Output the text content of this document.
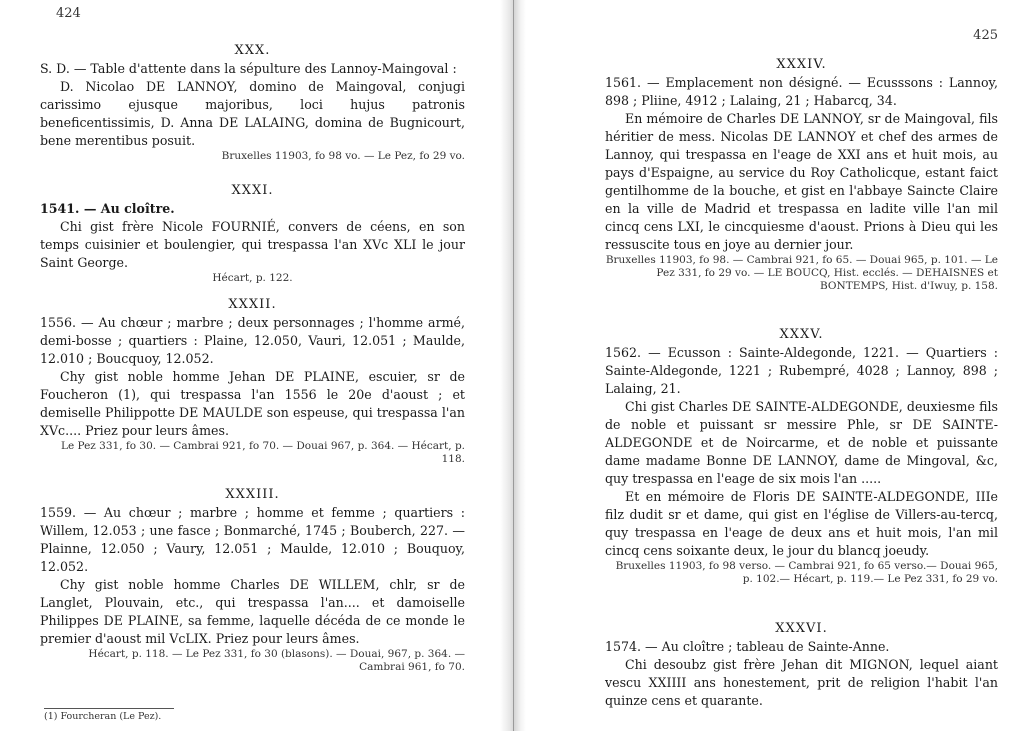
424

XXX.

S. D. — Table d'attente dans la sépulture des Lannoy-Maingoval :

D. Nicolao DE LANNOY, domino de Maingoval, conjugi carissimo ejusque majoribus, loci hujus patronis beneficentissimis, D. Anna DE LALAING, domina de Bugnicourt, bene merentibus posuit.

Bruxelles 11903, fo 98 vo. — Le Pez, fo 29 vo.

XXXI.

1541. — Au cloître.

Chi gist frère Nicole FOURNIÉ, convers de céens, en son temps cuisinier et boulengier, qui trespassa l'an XVc XLI le jour Saint George.

Hécart, p. 122.

XXXII.

1556. — Au chœur ; marbre ; deux personnages ; l'homme armé, demi-bosse ; quartiers : Plaine, 12.050, Vauri, 12.051 ; Maulde, 12.010 ; Boucquoy, 12.052.

Chy gist noble homme Jehan DE PLAINE, escuier, sr de Foucheron (1), qui trespassa l'an 1556 le 20e d'aoust ; et demiselle Philippotte DE MAULDE son espeuse, qui trespassa l'an XVc.... Priez pour leurs âmes.

Le Pez 331, fo 30. — Cambrai 921, fo 70. — Douai 967, p. 364. — Hécart, p. 118.

XXXIII.

1559. — Au chœur ; marbre ; homme et femme ; quartiers : Willem, 12.053 ; une fasce ; Bonmarché, 1745 ; Bouberch, 227. — Plainne, 12.050 ; Vaury, 12.051 ; Maulde, 12.010 ; Bouquoy, 12.052.

Chy gist noble homme Charles DE WILLEM, chlr, sr de Langlet, Plouvain, etc., qui trespassa l'an.... et damoiselle Philippes DE PLAINE, sa femme, laquelle décéda de ce monde le premier d'aoust mil VcLIX. Priez pour leurs âmes.

Hécart, p. 118. — Le Pez 331, fo 30 (blasons). — Douai, 967, p. 364. — Cambrai 961, fo 70.

(1) Fourcheran (Le Pez).
425

XXXIV.

1561. — Emplacement non désigné. — Ecusssons : Lannoy, 898 ; Pliine, 4912 ; Lalaing, 21 ; Habarcq, 34.

En mémoire de Charles DE LANNOY, sr de Maingoval, fils héritier de mess. Nicolas DE LANNOY et chef des armes de Lannoy, qui trespassa en l'eage de XXI ans et huit mois, au pays d'Espaigne, au service du Roy Catholicque, estant faict gentilhomme de la bouche, et gist en l'abbaye Saincte Claire en la ville de Madrid et trespassa en ladite ville l'an mil cincq cens LXI, le cincquiesme d'aoust. Prions à Dieu qui les ressuscite tous en joye au dernier jour.

Bruxelles 11903, fo 98. — Cambrai 921, fo 65. — Douai 965, p. 101. — Le Pez 331, fo 29 vo. — LE BOUCQ, Hist. ecclés. — DEHAISNES et BONTEMPS, Hist. d'Iwuy, p. 158.

XXXV.

1562. — Ecusson : Sainte-Aldegonde, 1221. — Quartiers : Sainte-Aldegonde, 1221 ; Rubempré, 4028 ; Lannoy, 898 ; Lalaing, 21.

Chi gist Charles DE SAINTE-ALDEGONDE, deuxiesme fils de noble et puissant sr messire Phle, sr DE SAINTE-ALDEGONDE et de Noircarme, et de noble et puissante dame madame Bonne DE LANNOY, dame de Mingoval, &c, quy trespassa en l'eage de six mois l'an .....

Et en mémoire de Floris DE SAINTE-ALDEGONDE, IIIe filz dudit sr et dame, qui gist en l'église de Villers-au-tercq, quy trespassa en l'eage de deux ans et huit mois, l'an mil cincq cens soixante deux, le jour du blancq joeudy.

Bruxelles 11903, fo 98 verso. — Cambrai 921, fo 65 verso.— Douai 965, p. 102.— Hécart, p. 119.— Le Pez 331, fo 29 vo.

XXXVI.

1574. — Au cloître ; tableau de Sainte-Anne.

Chi desoubz gist frère Jehan dit MIGNON, lequel aiant vescu XXIIII ans honestement, prit de religion l'habit l'an quinze cens et quarante.
